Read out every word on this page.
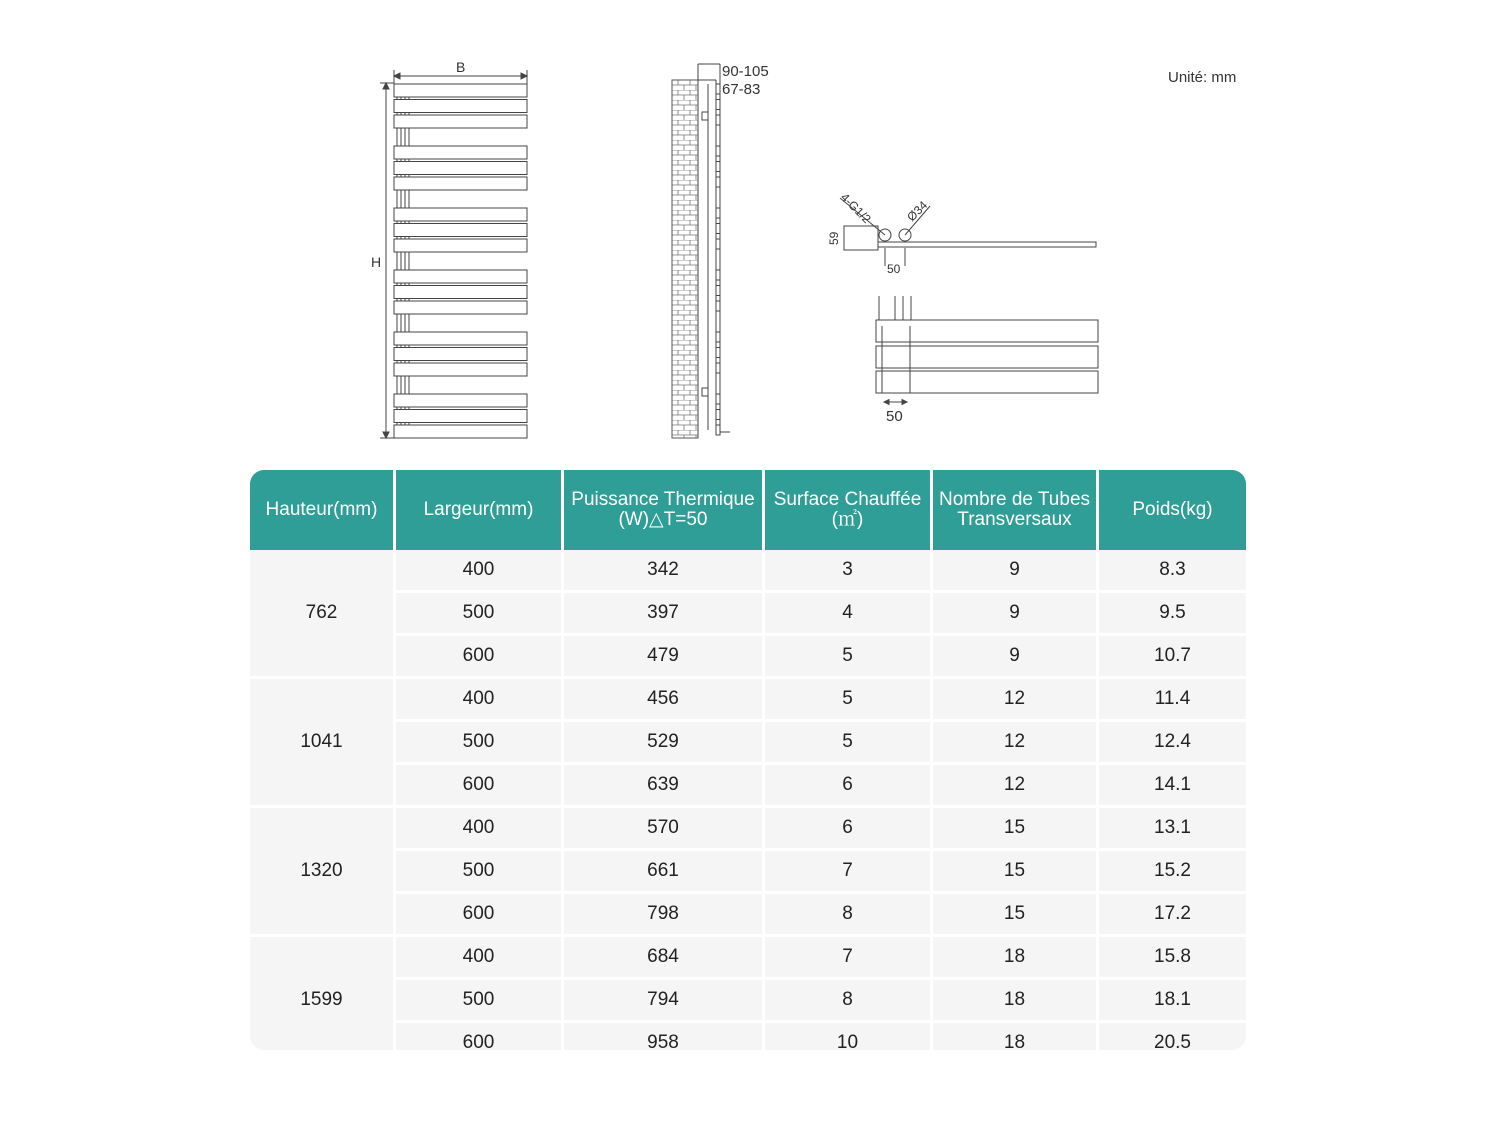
B
H
90-105
67-83
4-G1/2	Ø34
59
50
50
Unité: mm
Hauteur(mm)	Largeur(mm)	Puissance Thermique (W)△T=50	Surface Chauffée (㎡)	Nombre de Tubes Transversaux	Poids(kg)
762	400	342	3	9	8.3
	500	397	4	9	9.5
	600	479	5	9	10.7
1041	400	456	5	12	11.4
	500	529	5	12	12.4
	600	639	6	12	14.1
1320	400	570	6	15	13.1
	500	661	7	15	15.2
	600	798	8	15	17.2
1599	400	684	7	18	15.8
	500	794	8	18	18.1
	600	958	10	18	20.5
